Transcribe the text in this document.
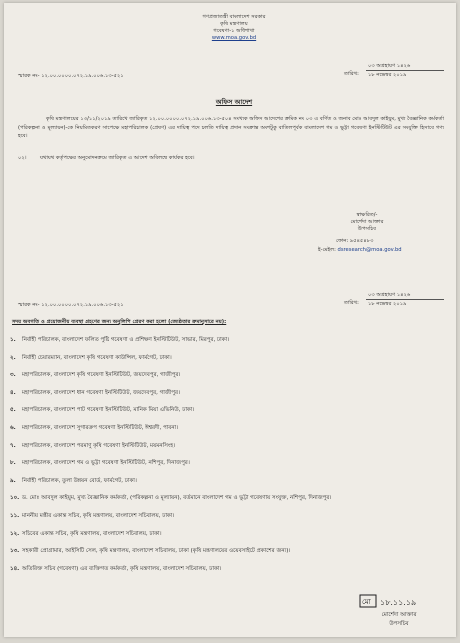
গণপ্রজাতন্ত্রী বাংলাদেশ সরকার
কৃষি মন্ত্রণালয়
গবেষণা-১ অধিশাখা
www.moa.gov.bd
স্মারক নং- ১২.০০.০০০০.০৭২.১৯.০০৬.১৩-৫২১	তারিখ:
০৩ অগ্রহায়ণ ১৪২৬
১৮ নভেম্বর ২০১৯
অফিস আদেশ
কৃষি মন্ত্রণালয়ের ১৩/১১/২০১৯ তারিখে জারিকৃত ১২.০০.০০০০.০৭২.১৯.০০৬.১৩-৫০৪ সংখ্যক অফিস আদেশের ক্রমিক নং ০৩ এ বর্ণিত ও জনাব মোঃ আবদুল কাইয়ুম, মুখ্য বৈজ্ঞানিক কর্মকর্তা (পরিকল্পনা ও মূল্যায়ন)-কে নিয়মিতকরণ সাপেক্ষে মহাপরিচালক (প্রেষণ) এর দায়িত্ব পদে চলতি দায়িত্ব প্রদান সংক্রান্ত অংশটুকু বাতিলপূর্বক বাংলাদেশ গম ও ভুট্টা গবেষণা ইনস্টিটিউট এর সংযুক্তি হিসাবে গণ্য হবে।
০২।	যথাযথ কর্তৃপক্ষের অনুমোদনক্রমে জারিকৃত এ আদেশ অবিলম্বে কার্যকর হবে।
স্বাক্ষরিত/-
মোর্শেদা আক্তার
উপসচিব
ফোন: ৯৫৪৫৪৮৩
ই-মেইল: dsresearch@moa.gov.bd
স্মারক নং- ১২.০০.০০০০.০৭২.১৯.০০৬.১৩-৫২১	তারিখ:
০৩ অগ্রহায়ণ ১৪২৬
১৮ নভেম্বর ২০১৯
সদয় অবগতি ও প্রয়োজনীয় ব্যবস্থা গ্রহণের জন্য অনুলিপি প্রেরণ করা হলো (জ্যেষ্ঠতার ক্রমানুসারে নয়):
১.	নির্বাহী পরিচালক, বাংলাদেশ ফলিত পুষ্টি গবেষণা ও প্রশিক্ষণ ইনস্টিটিউট, সাভার, মিরপুর, ঢাকা।
২.	নির্বাহী চেয়ারম্যান, বাংলাদেশ কৃষি গবেষণা কাউন্সিল, ফার্মগেট, ঢাকা।
৩.	মহাপরিচালক, বাংলাদেশ কৃষি গবেষণা ইনস্টিটিউট, জয়দেবপুর, গাজীপুর।
৪.	মহাপরিচালক, বাংলাদেশ ধান গবেষণা ইনস্টিটিউট, জয়দেবপুর, গাজীপুর।
৫.	মহাপরিচালক, বাংলাদেশ পাট গবেষণা ইনস্টিটিউট, মানিক মিয়া এভিনিউ, ঢাকা।
৬.	মহাপরিচালক, বাংলাদেশ সুগারক্রপ গবেষণা ইনস্টিটিউট, ঈশ্বরদী, পাবনা।
৭.	মহাপরিচালক, বাংলাদেশ পরমাণু কৃষি গবেষণা ইনস্টিটিউট, ময়মনসিংহ।
৮.	মহাপরিচালক, বাংলাদেশ গম ও ভুট্টা গবেষণা ইনস্টিটিউট, নশিপুর, দিনাজপুর।
৯.	নির্বাহী পরিচালক, তুলা উন্নয়ন বোর্ড, ফার্মগেট, ঢাকা।
১০. ড. মোঃ আবদুল কাইয়ুম, মুখ্য বৈজ্ঞানিক কর্মকর্তা, (পরিকল্পনা ও মূল্যায়ন), বর্তমানে বাংলাদেশ গম ও ভুট্টা গবেষণায় সংযুক্ত, নশিপুর, দিনাজপুর।
১১. মাননীয় মন্ত্রীর একান্ত সচিব, কৃষি মন্ত্রণালয়, বাংলাদেশ সচিবালয়, ঢাকা।
১২. সচিবের একান্ত সচিব, কৃষি মন্ত্রণালয়, বাংলাদেশ সচিবালয়, ঢাকা।
১৩. সহকারী প্রোগ্রামার, আইসিটি সেল, কৃষি মন্ত্রণালয়, বাংলাদেশ সচিবালয়, ঢাকা (কৃষি মন্ত্রণালয়ের ওয়েবসাইটে প্রকাশের জন্য)।
১৪. অতিরিক্ত সচিব (গবেষণা) এর ব্যক্তিগত কর্মকর্তা, কৃষি মন্ত্রণালয়, বাংলাদেশ সচিবালয়, ঢাকা।
মো ১৮.১১.১৯
মোর্শেদা আক্তার
উপসচিব
